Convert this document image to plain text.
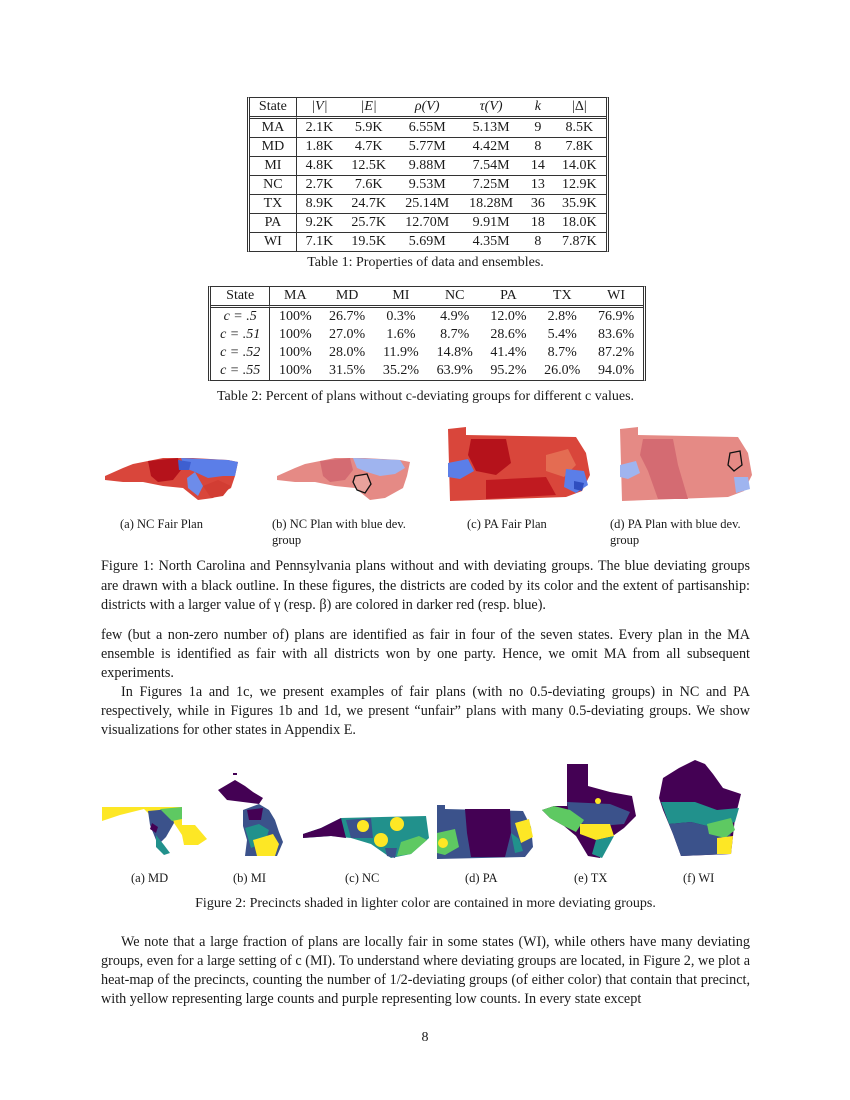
State	|V|	|E|	ρ(V)	τ(V)	k	|Δ|
MA	2.1K	5.9K	6.55M	5.13M	9	8.5K
MD	1.8K	4.7K	5.77M	4.42M	8	7.8K
MI	4.8K	12.5K	9.88M	7.54M	14	14.0K
NC	2.7K	7.6K	9.53M	7.25M	13	12.9K
TX	8.9K	24.7K	25.14M	18.28M	36	35.9K
PA	9.2K	25.7K	12.70M	9.91M	18	18.0K
WI	7.1K	19.5K	5.69M	4.35M	8	7.87K
Table 1: Properties of data and ensembles.
State	MA	MD	MI	NC	PA	TX	WI
c = .5	100%	26.7%	0.3%	4.9%	12.0%	2.8%	76.9%
c = .51	100%	27.0%	1.6%	8.7%	28.6%	5.4%	83.6%
c = .52	100%	28.0%	11.9%	14.8%	41.4%	8.7%	87.2%
c = .55	100%	31.5%	35.2%	63.9%	95.2%	26.0%	94.0%
Table 2: Percent of plans without c-deviating groups for different c values.
(a) NC Fair Plan	(b) NC Plan with blue dev. group
(c) PA Fair Plan	(d) PA Plan with blue dev. group
Figure 1: North Carolina and Pennsylvania plans without and with deviating groups. The blue deviating groups are drawn with a black outline. In these figures, the districts are coded by its color and the extent of partisanship: districts with a larger value of γ (resp. β) are colored in darker red (resp. blue).
few (but a non-zero number of) plans are identified as fair in four of the seven states. Every plan in the MA ensemble is identified as fair with all districts won by one party. Hence, we omit MA from all subsequent experiments.
In Figures 1a and 1c, we present examples of fair plans (with no 0.5-deviating groups) in NC and PA respectively, while in Figures 1b and 1d, we present “unfair” plans with many 0.5-deviating groups. We show visualizations for other states in Appendix E.
(a) MD	(b) MI	(c) NC	(d) PA	(e) TX	(f) WI
Figure 2: Precincts shaded in lighter color are contained in more deviating groups.
We note that a large fraction of plans are locally fair in some states (WI), while others have many deviating groups, even for a large setting of c (MI). To understand where deviating groups are located, in Figure 2, we plot a heat-map of the precincts, counting the number of 1/2-deviating groups (of either color) that contain that precinct, with yellow representing large counts and purple representing low counts. In every state except
8
